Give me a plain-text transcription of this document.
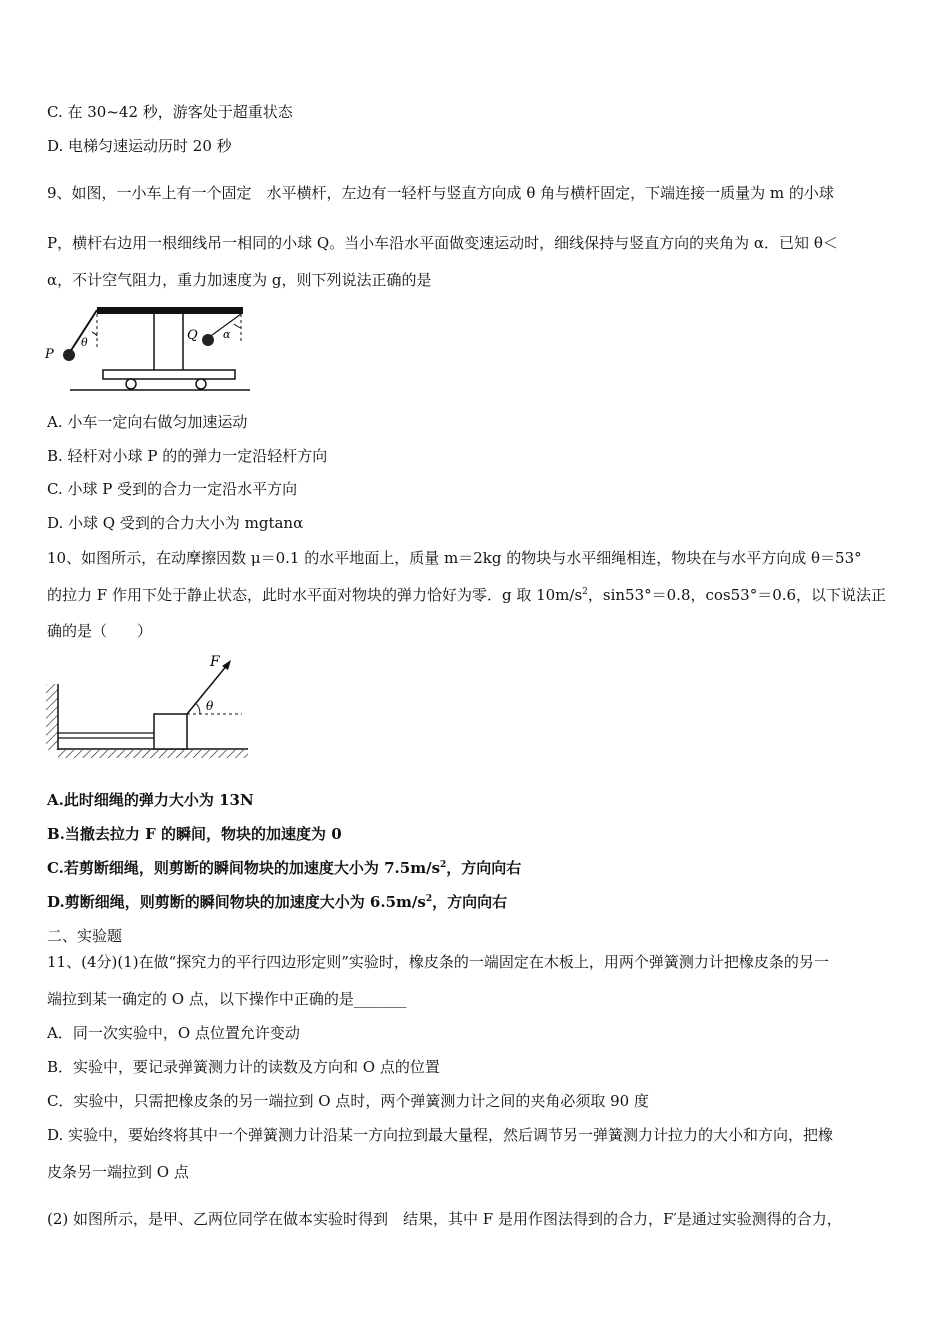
C. 在 30~42 秒，游客处于超重状态
D. 电梯匀速运动历时 20 秒
9、如图，一小车上有一个固定　水平横杆，左边有一轻杆与竖直方向成 θ 角与横杆固定，下端连接一质量为 m 的小球
P，横杆右边用一根细线吊一相同的小球 Q。当小车沿水平面做变速运动时，细线保持与竖直方向的夹角为 α．已知 θ＜
α，不计空气阻力，重力加速度为 g，则下列说法正确的是
P
θ	Q α
A. 小车一定向右做匀加速运动
B. 轻杆对小球 P 的的弹力一定沿轻杆方向
C. 小球 P 受到的合力一定沿水平方向
D. 小球 Q 受到的合力大小为 mgtanα
10、如图所示，在动摩擦因数 μ＝0.1 的水平地面上，质量 m＝2kg 的物块与水平细绳相连，物块在与水平方向成 θ＝53°
的拉力 F 作用下处于静止状态，此时水平面对物块的弹力恰好为零．g 取 $10m/s^2$，sin53°＝0.8，cos53°＝0.6，以下说法正
确的是（　　）
F
θ
A.此时细绳的弹力大小为 13N
B.当撤去拉力 F 的瞬间，物块的加速度为 0
C.若剪断细绳，则剪断的瞬间物块的加速度大小为 $7.5m/s^2$，方向向右
D.剪断细绳，则剪断的瞬间物块的加速度大小为 $6.5m/s^2$，方向向右
二、实验题
11、(4分)(1)在做“探究力的平行四边形定则”实验时，橡皮条的一端固定在木板上，用两个弹簧测力计把橡皮条的另一
端拉到某一确定的 O 点，以下操作中正确的是_______
A．同一次实验中，O 点位置允许变动
B．实验中，要记录弹簧测力计的读数及方向和 O 点的位置
C．实验中，只需把橡皮条的另一端拉到 O 点时，两个弹簧测力计之间的夹角必须取 90 度
D. 实验中，要始终将其中一个弹簧测力计沿某一方向拉到最大量程，然后调节另一弹簧测力计拉力的大小和方向，把橡
皮条另一端拉到 O 点
(2) 如图所示，是甲、乙两位同学在做本实验时得到　结果，其中 F 是用作图法得到的合力，F′是通过实验测得的合力，
